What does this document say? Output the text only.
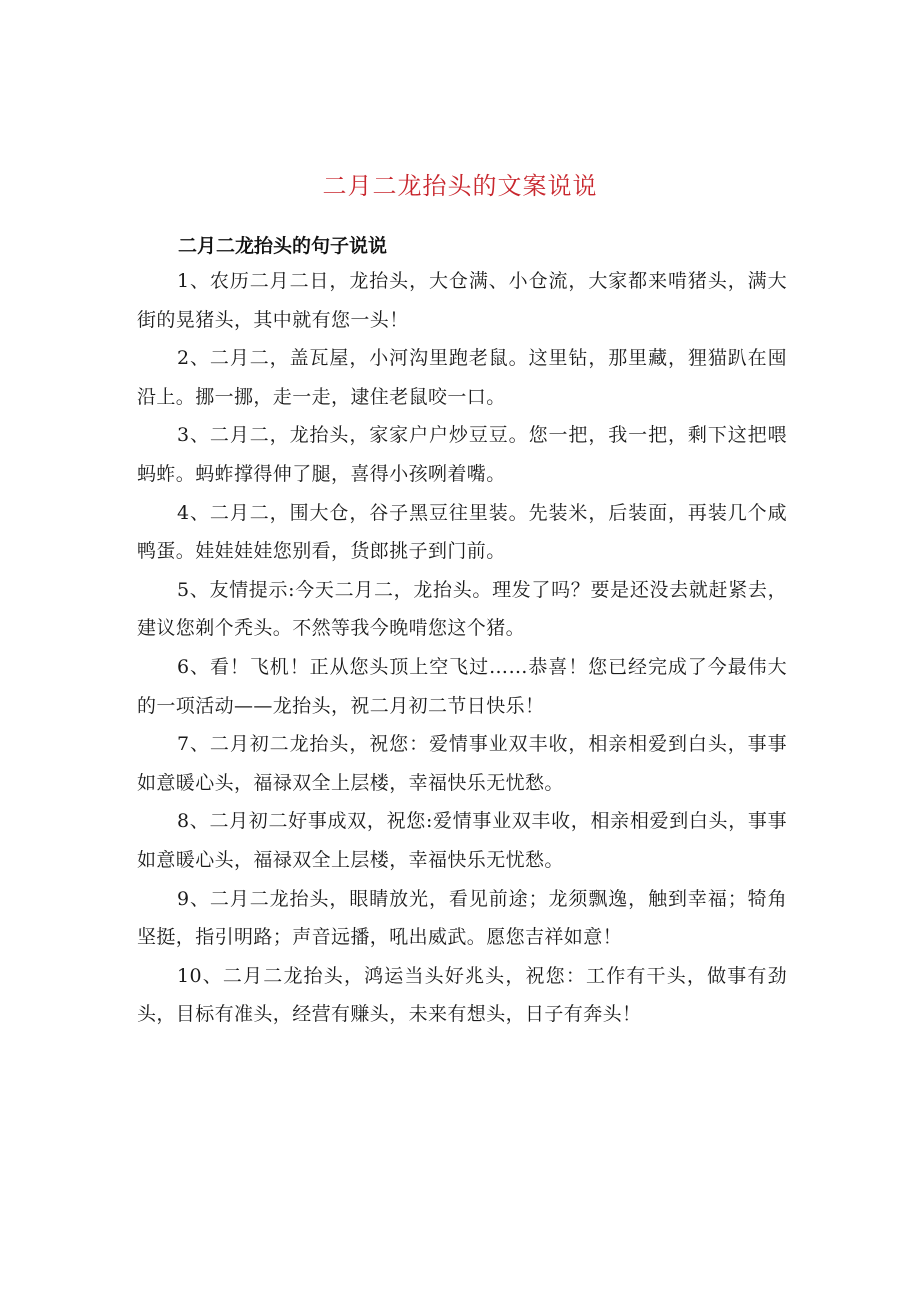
二月二龙抬头的文案说说
二月二龙抬头的句子说说

1、农历二月二日，龙抬头，大仓满、小仓流，大家都来啃猪头，满大街的晃猪头，其中就有您一头！

2、二月二，盖瓦屋，小河沟里跑老鼠。这里钻，那里藏，狸猫趴在囤沿上。挪一挪，走一走，逮住老鼠咬一口。

3、二月二，龙抬头，家家户户炒豆豆。您一把，我一把，剩下这把喂蚂蚱。蚂蚱撑得伸了腿，喜得小孩咧着嘴。

4、二月二，围大仓，谷子黑豆往里装。先装米，后装面，再装几个咸鸭蛋。娃娃娃娃您别看，货郎挑子到门前。

5、友情提示:今天二月二，龙抬头。理发了吗？要是还没去就赶紧去，建议您剃个秃头。不然等我今晚啃您这个猪。

6、看！飞机！正从您头顶上空飞过……恭喜！您已经完成了今最伟大的一项活动——龙抬头，祝二月初二节日快乐！

7、二月初二龙抬头，祝您：爱情事业双丰收，相亲相爱到白头，事事如意暖心头，福禄双全上层楼，幸福快乐无忧愁。

8、二月初二好事成双，祝您:爱情事业双丰收，相亲相爱到白头，事事如意暖心头，福禄双全上层楼，幸福快乐无忧愁。

9、二月二龙抬头，眼睛放光，看见前途；龙须飘逸，触到幸福；犄角坚挺，指引明路；声音远播，吼出威武。愿您吉祥如意！

10、二月二龙抬头，鸿运当头好兆头，祝您：工作有干头，做事有劲头，目标有准头，经营有赚头，未来有想头，日子有奔头！
